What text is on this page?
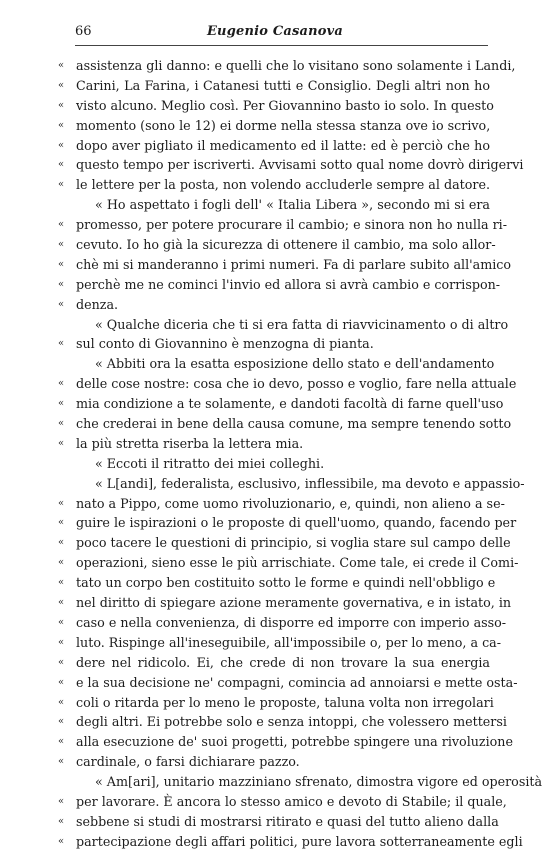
66	Eugenio Casanova
« assistenza gli danno: e quelli che lo visitano sono solamente i Landi,
« Carini, La Farina, i Catanesi tutti e Consiglio. Degli altri non ho
« visto alcuno. Meglio così. Per Giovannino basto io solo. In questo
« momento (sono le 12) ei dorme nella stessa stanza ove io scrivo,
« dopo aver pigliato il medicamento ed il latte: ed è perciò che ho
« questo tempo per iscriverti. Avvisami sotto qual nome dovrò dirigervi
« le lettere per la posta, non volendo accluderle sempre al datore.
« Ho aspettato i fogli dell' « Italia Libera », secondo mi si era
« promesso, per potere procurare il cambio; e sinora non ho nulla ri-
« cevuto. Io ho già la sicurezza di ottenere il cambio, ma solo allor-
« chè mi si manderanno i primi numeri. Fa di parlare subito all'amico
« perchè me ne cominci l'invio ed allora si avrà cambio e corrispon-
« denza.
« Qualche diceria che ti si era fatta di riavvicinamento o di altro
« sul conto di Giovannino è menzogna di pianta.
« Abbiti ora la esatta esposizione dello stato e dell'andamento
« delle cose nostre: cosa che io devo, posso e voglio, fare nella attuale
« mia condizione a te solamente, e dandoti facoltà di farne quell'uso
« che crederai in bene della causa comune, ma sempre tenendo sotto
« la più stretta riserba la lettera mia.
« Eccoti il ritratto dei miei colleghi.
« L[andi], federalista, esclusivo, inflessibile, ma devoto e appassio-
« nato a Pippo, come uomo rivoluzionario, e, quindi, non alieno a se-
« guire le ispirazioni o le proposte di quell'uomo, quando, facendo per
« poco tacere le questioni di principio, si voglia stare sul campo delle
« operazioni, sieno esse le più arrischiate. Come tale, ei crede il Comi-
« tato un corpo ben costituito sotto le forme e quindi nell'obbligo e
« nel diritto di spiegare azione meramente governativa, e in istato, in
« caso e nella convenienza, di disporre ed imporre con imperio asso-
« luto. Rispinge all'ineseguibile, all'impossibile o, per lo meno, a ca-
« dere nel ridicolo. Ei, che crede di non trovare la sua energia
« e la sua decisione ne' compagni, comincia ad annoiarsi e mette osta-
« coli o ritarda per lo meno le proposte, taluna volta non irregolari
« degli altri. Ei potrebbe solo e senza intoppi, che volessero mettersi
« alla esecuzione de' suoi progetti, potrebbe spingere una rivoluzione
« cardinale, o farsi dichiarare pazzo.
« Am[ari], unitario mazziniano sfrenato, dimostra vigore ed operosità
« per lavorare. È ancora lo stesso amico e devoto di Stabile; il quale,
« sebbene si studi di mostrarsi ritirato e quasi del tutto alieno dalla
« partecipazione degli affari politici, pure lavora sotterraneamente egli
